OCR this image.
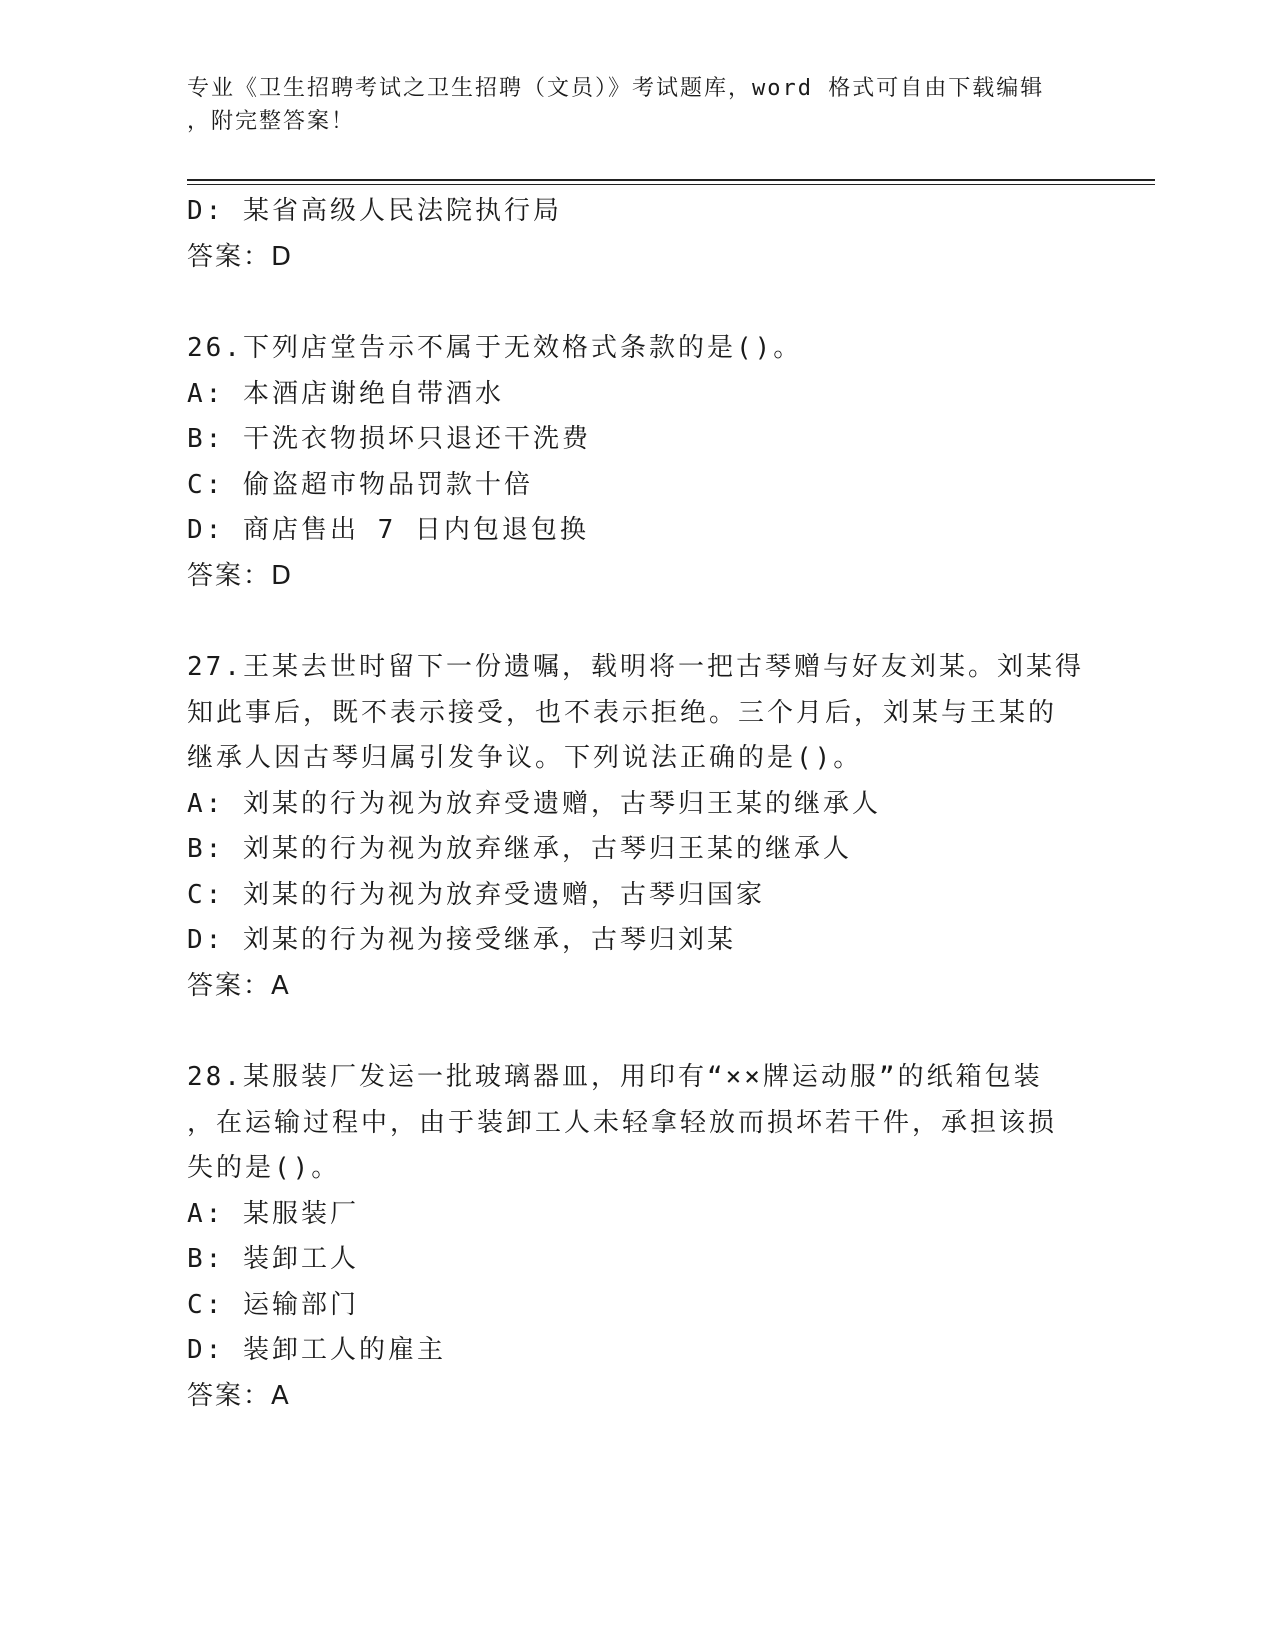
专业《卫生招聘考试之卫生招聘（文员）》考试题库，word 格式可自由下载编辑
，附完整答案！
D: 某省高级人民法院执行局
答案：D
26.下列店堂告示不属于无效格式条款的是()。
A: 本酒店谢绝自带酒水
B: 干洗衣物损坏只退还干洗费
C: 偷盗超市物品罚款十倍
D: 商店售出 7 日内包退包换
答案：D
27.王某去世时留下一份遗嘱，载明将一把古琴赠与好友刘某。刘某得
知此事后，既不表示接受，也不表示拒绝。三个月后，刘某与王某的
继承人因古琴归属引发争议。下列说法正确的是()。
A: 刘某的行为视为放弃受遗赠，古琴归王某的继承人
B: 刘某的行为视为放弃继承，古琴归王某的继承人
C: 刘某的行为视为放弃受遗赠，古琴归国家
D: 刘某的行为视为接受继承，古琴归刘某
答案：A
28.某服装厂发运一批玻璃器皿，用印有“××牌运动服”的纸箱包装
，在运输过程中，由于装卸工人未轻拿轻放而损坏若干件，承担该损
失的是()。
A: 某服装厂
B: 装卸工人
C: 运输部门
D: 装卸工人的雇主
答案：A
